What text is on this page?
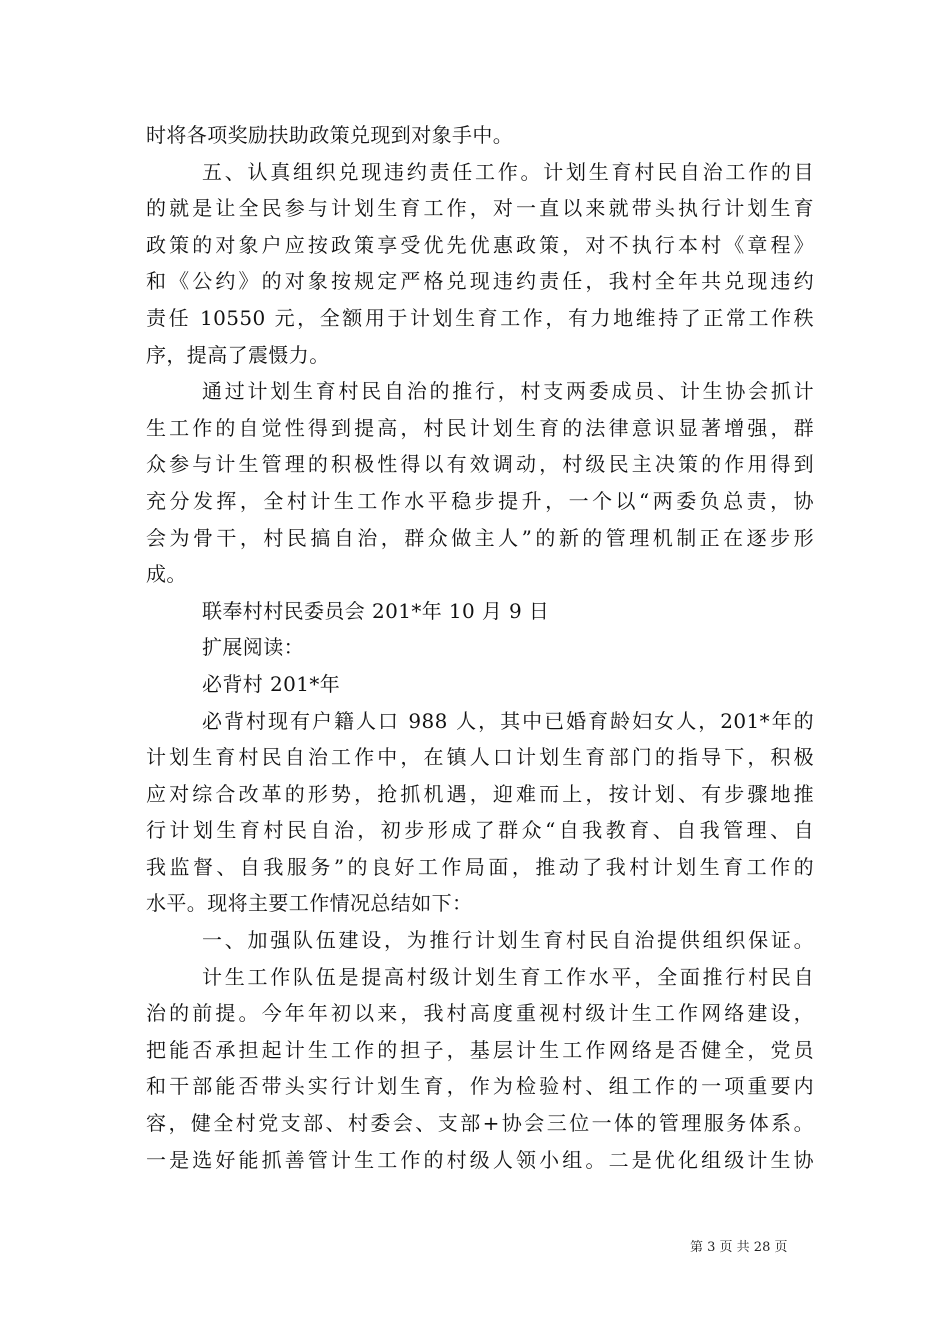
时将各项奖励扶助政策兑现到对象手中。
五、认真组织兑现违约责任工作。计划生育村民自治工作的目
的就是让全民参与计划生育工作，对一直以来就带头执行计划生育
政策的对象户应按政策享受优先优惠政策，对不执行本村《章程》
和《公约》的对象按规定严格兑现违约责任，我村全年共兑现违约
责任 10550 元，全额用于计划生育工作，有力地维持了正常工作秩
序，提高了震慑力。
通过计划生育村民自治的推行，村支两委成员、计生协会抓计
生工作的自觉性得到提高，村民计划生育的法律意识显著增强，群
众参与计生管理的积极性得以有效调动，村级民主决策的作用得到
充分发挥，全村计生工作水平稳步提升，一个以“两委负总责，协
会为骨干，村民搞自治，群众做主人”的新的管理机制正在逐步形
成。
联奉村村民委员会 201*年 10 月 9 日
扩展阅读：
必背村 201*年
必背村现有户籍人口 988 人，其中已婚育龄妇女人，201*年的
计划生育村民自治工作中，在镇人口计划生育部门的指导下，积极
应对综合改革的形势，抢抓机遇，迎难而上，按计划、有步骤地推
行计划生育村民自治，初步形成了群众“自我教育、自我管理、自
我监督、自我服务”的良好工作局面，推动了我村计划生育工作的
水平。现将主要工作情况总结如下：
一、加强队伍建设，为推行计划生育村民自治提供组织保证。
计生工作队伍是提高村级计划生育工作水平，全面推行村民自
治的前提。今年年初以来，我村高度重视村级计生工作网络建设，
把能否承担起计生工作的担子，基层计生工作网络是否健全，党员
和干部能否带头实行计划生育，作为检验村、组工作的一项重要内
容，健全村党支部、村委会、支部+协会三位一体的管理服务体系。
一是选好能抓善管计生工作的村级人领小组。二是优化组级计生协
第 3 页 共 28 页
